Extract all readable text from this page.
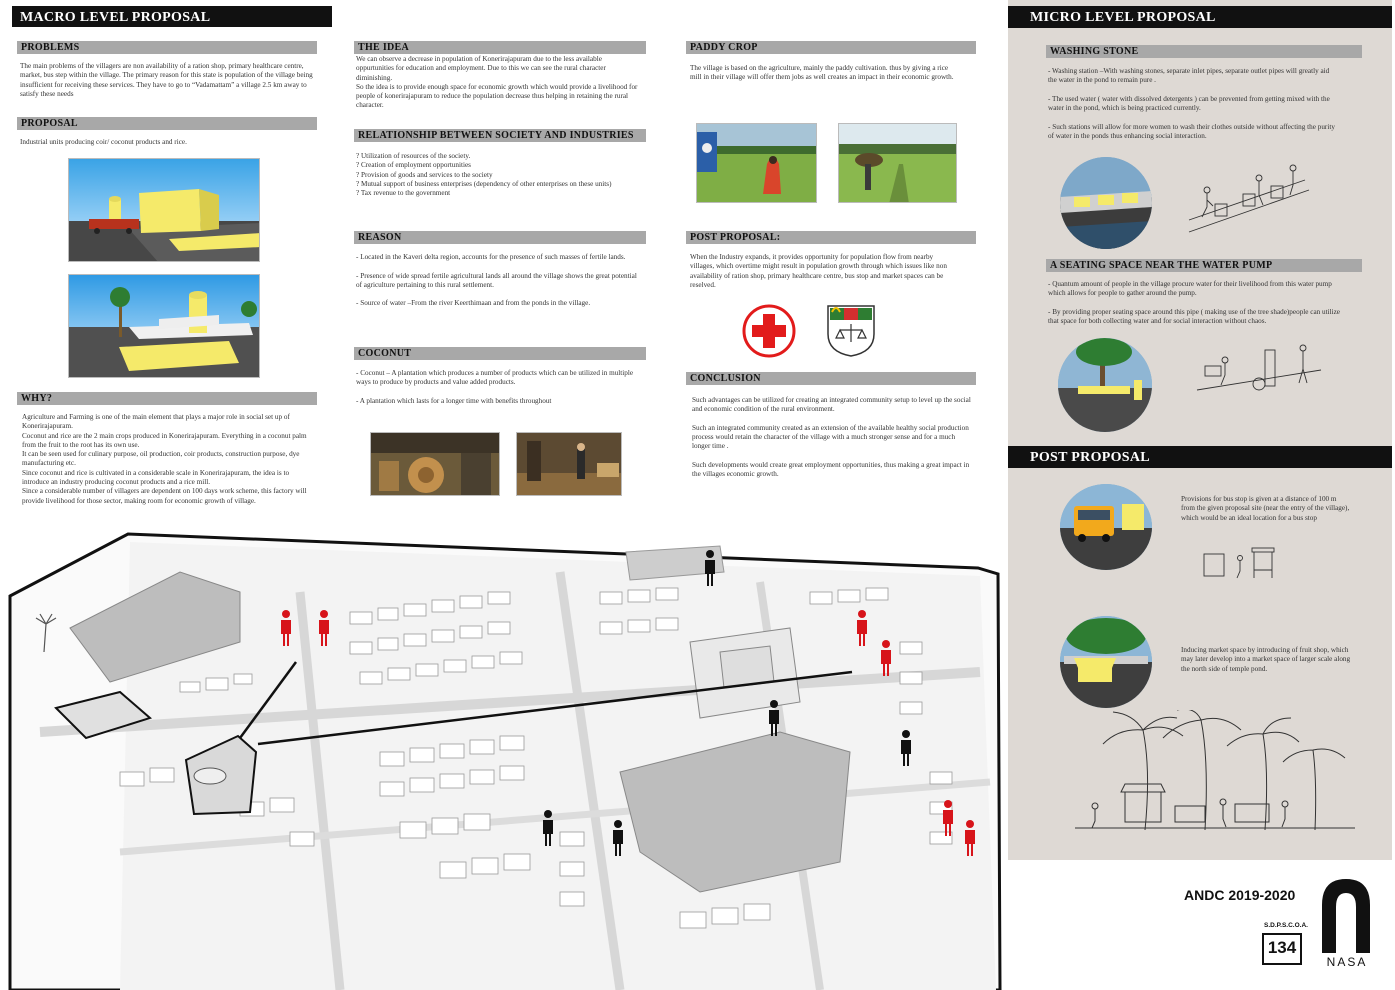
MACRO LEVEL PROPOSAL
PROBLEMS
The main problems of the villagers are non availability of a ration shop, primary healthcare centre, market, bus step within the village. The primary reason for this state is population of the village being insufficient for receiving these services. They have to go to “Vadamattam” a village 2.5 km away to satisfy these needs
PROPOSAL
Industrial units producing coir/ coconut products and rice.
WHY?
Agriculture and Farming is one of the main element that plays a major role in social set up of Konerirajapuram.
Coconut and rice are the 2 main crops produced in Konerirajapuram. Everything in a coconut palm from the fruit to the root has its own use.
It can be seen used for culinary purpose, oil production, coir products, construction purpose, dye manufacturing etc.
Since coconut and rice is cultivated in a considerable scale in Konerirajapuram, the idea is to introduce an industry producing coconut products and a rice mill.
Since a considerable number of villagers are dependent on 100 days work scheme, this factory will provide livelihood for those sector, making room for economic growth of village.
THE IDEA
We can observe a decrease in population of Konerirajapuram due to the less available oppurtunities for education and employment. Due to this we can see the rural character diminishing.
So the idea is to provide enough space for economic growth which would provide a livelihood for people of konerirajapuram to reduce the population decrease thus helping in retaining the rural character.
RELATIONSHIP BETWEEN SOCIETY AND INDUSTRIES
? Utilization of resources of the society.
? Creation of employment opportunities
? Provision of goods and services to the society
? Mutual support of business enterprises (dependency of other enterprises on these units)
? Tax revenue to the government
REASON
- Located in the Kaveri delta region, accounts for the presence of such masses of fertile lands.

- Presence of wide spread fertile agricultural lands all around the village shows the great potential of agriculture pertaining to this rural settlement.

- Source of water –From the river Keerthimaan and from the ponds in the village.
COCONUT
- Coconut – A plantation which produces a number of products which can be utilized in multiple ways to produce by products and value added products.

- A plantation which lasts for a longer time with benefits throughout
PADDY CROP
The village is based on the agriculture, mainly the paddy cultivation. thus by giving a rice mill in their village will offer them jobs as well creates an impact in their economic growth.
POST PROPOSAL:
When the Industry expands, it provides opportunity for population flow from nearby villages, which overtime might result in population growth through which issues like non availability of ration shop, primary healthcare centre, bus stop and market spaces can be reselved.
CONCLUSION
Such advantages can be utilized for creating an integrated community setup to level up the social and economic condition of the rural environment.

Such an integrated community created as an extension of the available healthy social production process would retain the character of the village with a much stronger sense and for a much longer time .

Such developments would create great employment opportunities, thus making a great impact in the villages economic growth.
MICRO LEVEL PROPOSAL
WASHING STONE
- Washing station –With washing stones, separate inlet pipes, separate outlet pipes will greatly aid the water in the pond to remain pure .

- The used water ( water with dissolved detergents ) can be prevented from getting mixed with the water in the pond, which is being practiced currently.

- Such stations will allow for more women to wash their clothes outside without affecting the purity of water in the ponds thus enhancing social interaction.
A SEATING SPACE NEAR THE WATER PUMP
- Quantum amount of people in the village procure water for their livelihood from this water pump which allows for people to gather around the pump.

- By providing proper seating space around this pipe ( making use of the tree shade)people can utilize that space for both collecting water and for social interaction without chaos.
POST PROPOSAL
Provisions for bus stop is given at a distance of 100 m from the given proposal site (near the entry of the village), which would be an ideal location for a bus stop
Inducing market space by introducing of fruit shop, which may later develop into a market space of larger scale along the north side of temple pond.
ANDC 2019-2020
S.D.P.S.C.O.A.
134
NASA
